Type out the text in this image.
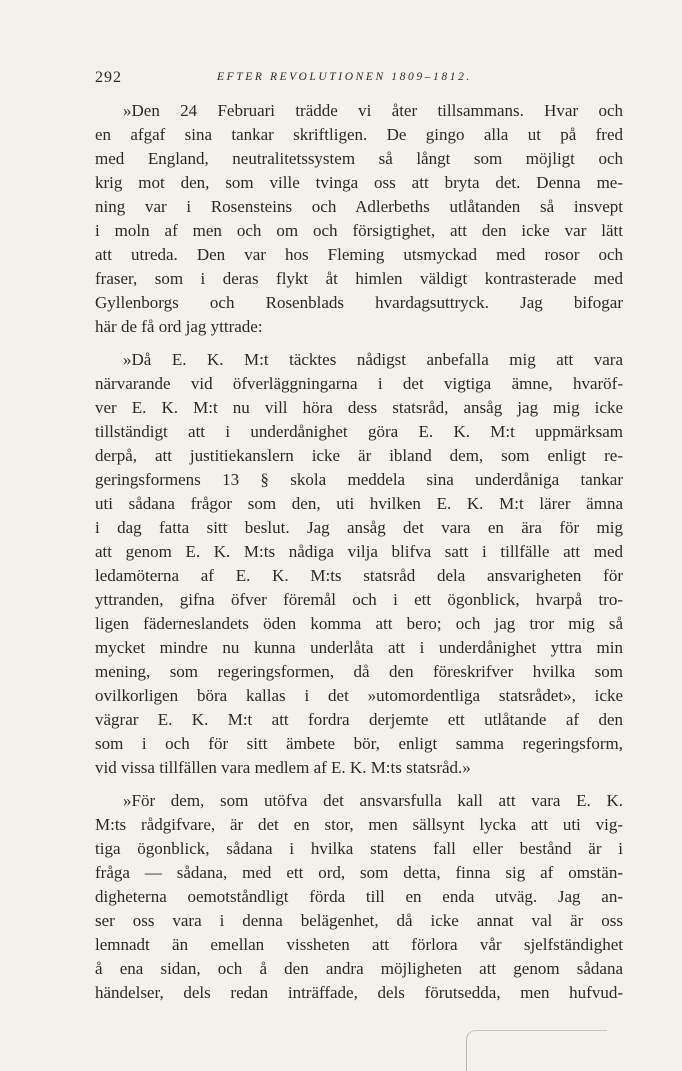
292	EFTER REVOLUTIONEN 1809–1812.
»Den 24 Februari trädde vi åter tillsammans. Hvar och
en afgaf sina tankar skriftligen. De gingo alla ut på fred
med England, neutralitetssystem så långt som möjligt och
krig mot den, som ville tvinga oss att bryta det. Denna me-
ning var i Rosensteins och Adlerbeths utlåtanden så insvept
i moln af men och om och försigtighet, att den icke var lätt
att utreda. Den var hos Fleming utsmyckad med rosor och
fraser, som i deras flykt åt himlen väldigt kontrasterade med
Gyllenborgs och Rosenblads hvardagsuttryck. Jag bifogar
här de få ord jag yttrade:
»Då E. K. M:t täcktes nådigst anbefalla mig att vara
närvarande vid öfverläggningarna i det vigtiga ämne, hvaröf-
ver E. K. M:t nu vill höra dess statsråd, ansåg jag mig icke
tillständigt att i underdånighet göra E. K. M:t uppmärksam
derpå, att justitiekanslern icke är ibland dem, som enligt re-
geringsformens 13 § skola meddela sina underdåniga tankar
uti sådana frågor som den, uti hvilken E. K. M:t lärer ämna
i dag fatta sitt beslut. Jag ansåg det vara en ära för mig
att genom E. K. M:ts nådiga vilja blifva satt i tillfälle att med
ledamöterna af E. K. M:ts statsråd dela ansvarigheten för
yttranden, gifna öfver föremål och i ett ögonblick, hvarpå tro-
ligen fäderneslandets öden komma att bero; och jag tror mig så
mycket mindre nu kunna underlåta att i underdånighet yttra min
mening, som regeringsformen, då den föreskrifver hvilka som
ovilkorligen böra kallas i det »utomordentliga statsrådet», icke
vägrar E. K. M:t att fordra derjemte ett utlåtande af den
som i och för sitt ämbete bör, enligt samma regeringsform,
vid vissa tillfällen vara medlem af E. K. M:ts statsråd.»
»För dem, som utöfva det ansvarsfulla kall att vara E. K.
M:ts rådgifvare, är det en stor, men sällsynt lycka att uti vig-
tiga ögonblick, sådana i hvilka statens fall eller bestånd är i
fråga — sådana, med ett ord, som detta, finna sig af omstän-
digheterna oemotståndligt förda till en enda utväg. Jag an-
ser oss vara i denna belägenhet, då icke annat val är oss
lemnadt än emellan vissheten att förlora vår sjelfständighet
å ena sidan, och å den andra möjligheten att genom sådana
händelser, dels redan inträffade, dels förutsedda, men hufvud-
